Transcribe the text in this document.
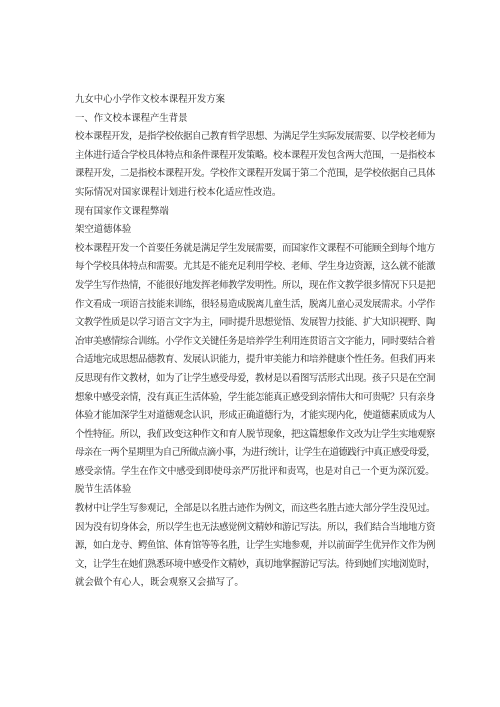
九女中心小学作文校本课程开发方案

一、作文校本课程产生背景

校本课程开发，是指学校依据自己教育哲学思想、为满足学生实际发展需要、以学校老师为

主体进行适合学校具体特点和条件课程开发策略。校本课程开发包含两大范围，一是指校本

课程开发，二是指校本课程开发。学校作文课程开发属于第二个范围，是学校依据自己具体

实际情况对国家课程计划进行校本化适应性改造。

现有国家作文课程弊端

架空道德体验

校本课程开发一个首要任务就是满足学生发展需要，而国家作文课程不可能顾全到每个地方

每个学校具体特点和需要。尤其是不能充足利用学校、老师、学生身边资源，这么就不能激

发学生写作热情，不能很好地发挥老师教学发明性。所以，现在作文教学很多情况下只是把

作文看成一项语言技能来训练，很轻易造成脱离儿童生活，脱离儿童心灵发展需求。小学作

文教学性质是以学习语言文字为主，同时提升思想觉悟、发展智力技能、扩大知识视野、陶

冶审美感情综合训练。小学作文关键任务是培养学生利用连贯语言文字能力，同时要结合着

合适地完成思想品德教育、发展认识能力，提升审美能力和培养健康个性任务。但我们再来

反思现有作文教材，如为了让学生感受母爱，教材是以看图写活形式出现。孩子只是在空洞

想象中感受亲情，没有真正生活体验，学生能怎能真正感受到亲情伟大和可贵呢？只有亲身

体验才能加深学生对道德观念认识，形成正确道德行为，才能实现内化，使道德素质成为人

个性特征。所以，我们改变这种作文和育人脱节现象，把这篇想象作文改为让学生实地观察

母亲在一两个星期里为自己所做点滴小事，为进行统计，让学生在道德践行中真正感受母爱，

感受亲情。学生在作文中感受到即使母亲严厉批评和责骂，也是对自己一个更为深沉爱。

脱节生活体验

教材中让学生写参观记，全部是以名胜古迹作为例文，而这些名胜古迹大部分学生没见过。

因为没有切身体会，所以学生也无法感觉例文精妙和游记写法。所以，我们结合当地地方资

源，如白龙寺、鳄鱼馆、体育馆等等名胜，让学生实地参观，并以前面学生优异作文作为例

文，让学生在她们熟悉环境中感受作文精妙，真切地掌握游记写法。待到她们实地浏览时，

就会做个有心人，既会观察又会描写了。
